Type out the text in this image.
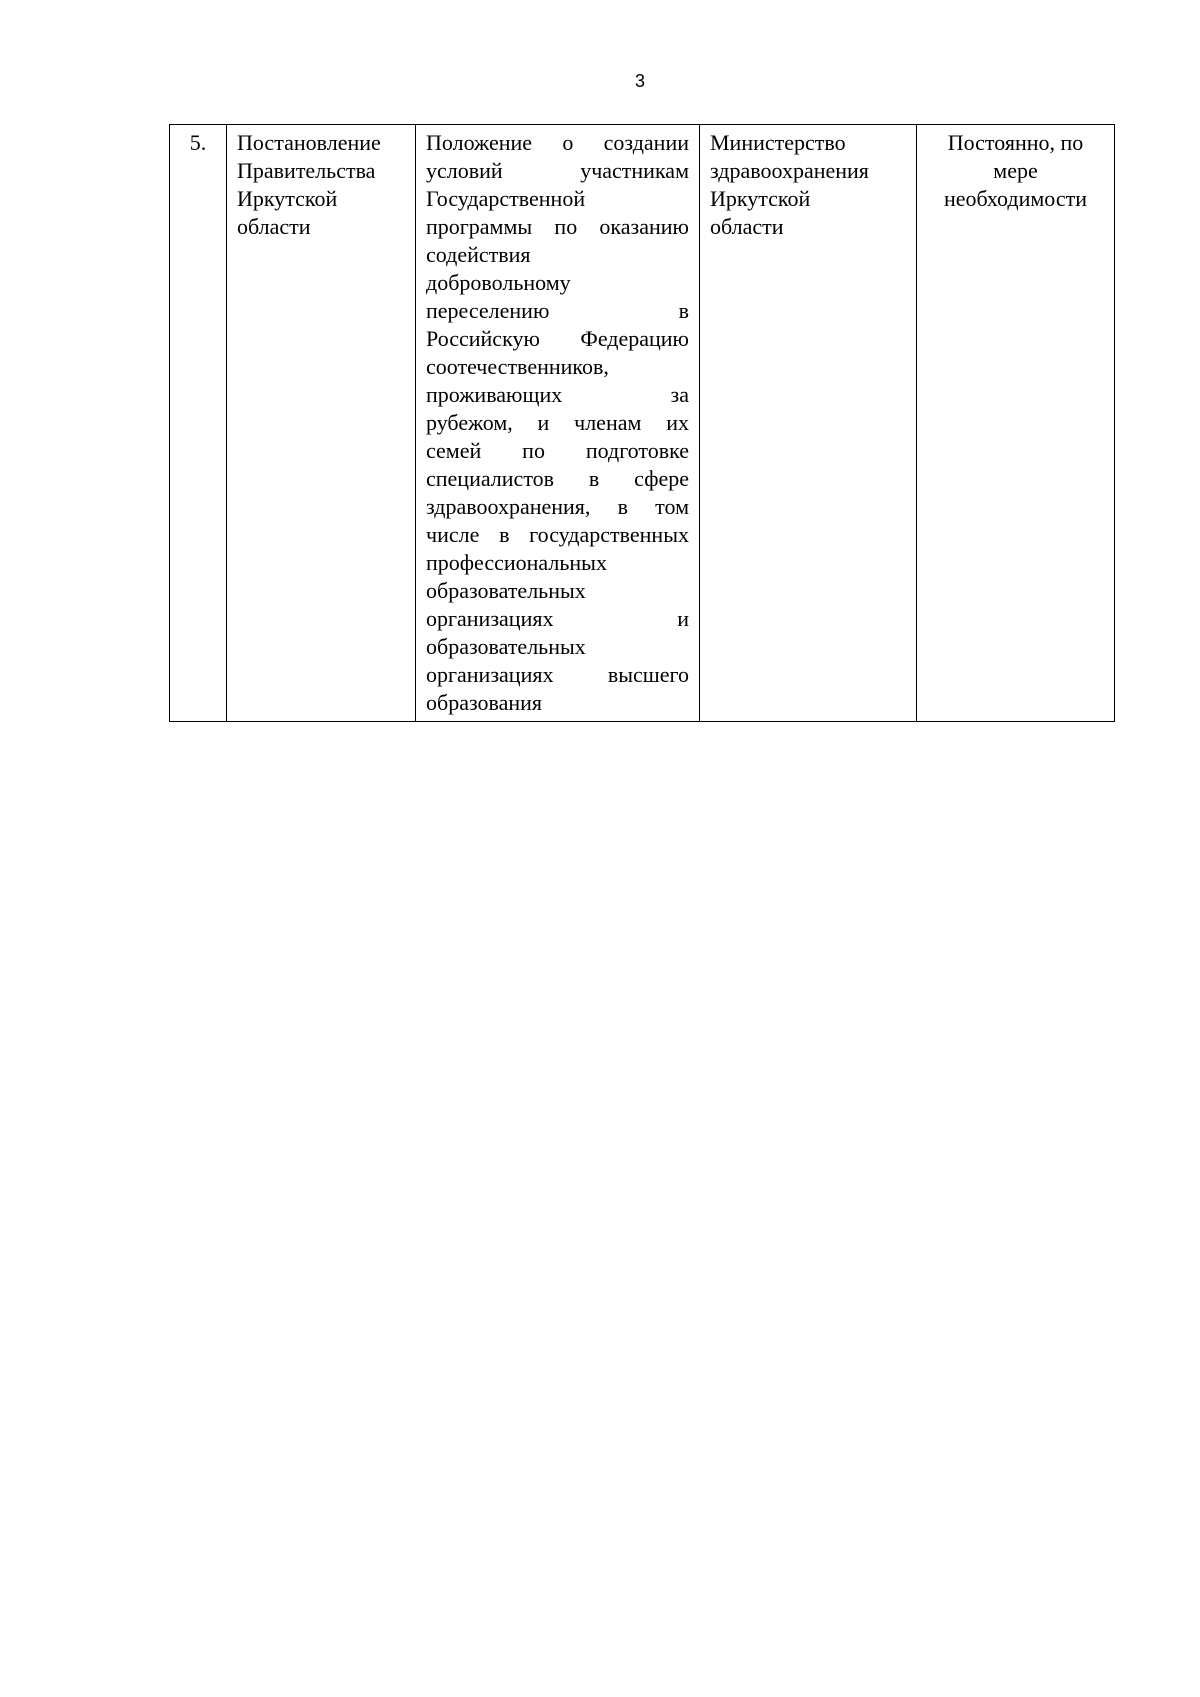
3
5.	Постановление
Правительства
Иркутской
области

Положение о создании
условий участникам
Государственной
программы по оказанию
содействия
добровольному
переселению в
Российскую Федерацию
соотечественников,
проживающих за
рубежом, и членам их
семей по подготовке
специалистов в сфере
здравоохранения, в том
числе в государственных
профессиональных
образовательных
организациях и
образовательных
организациях высшего
образования

Министерство
здравоохранения
Иркутской
области

Постоянно, по
мере
необходимости
